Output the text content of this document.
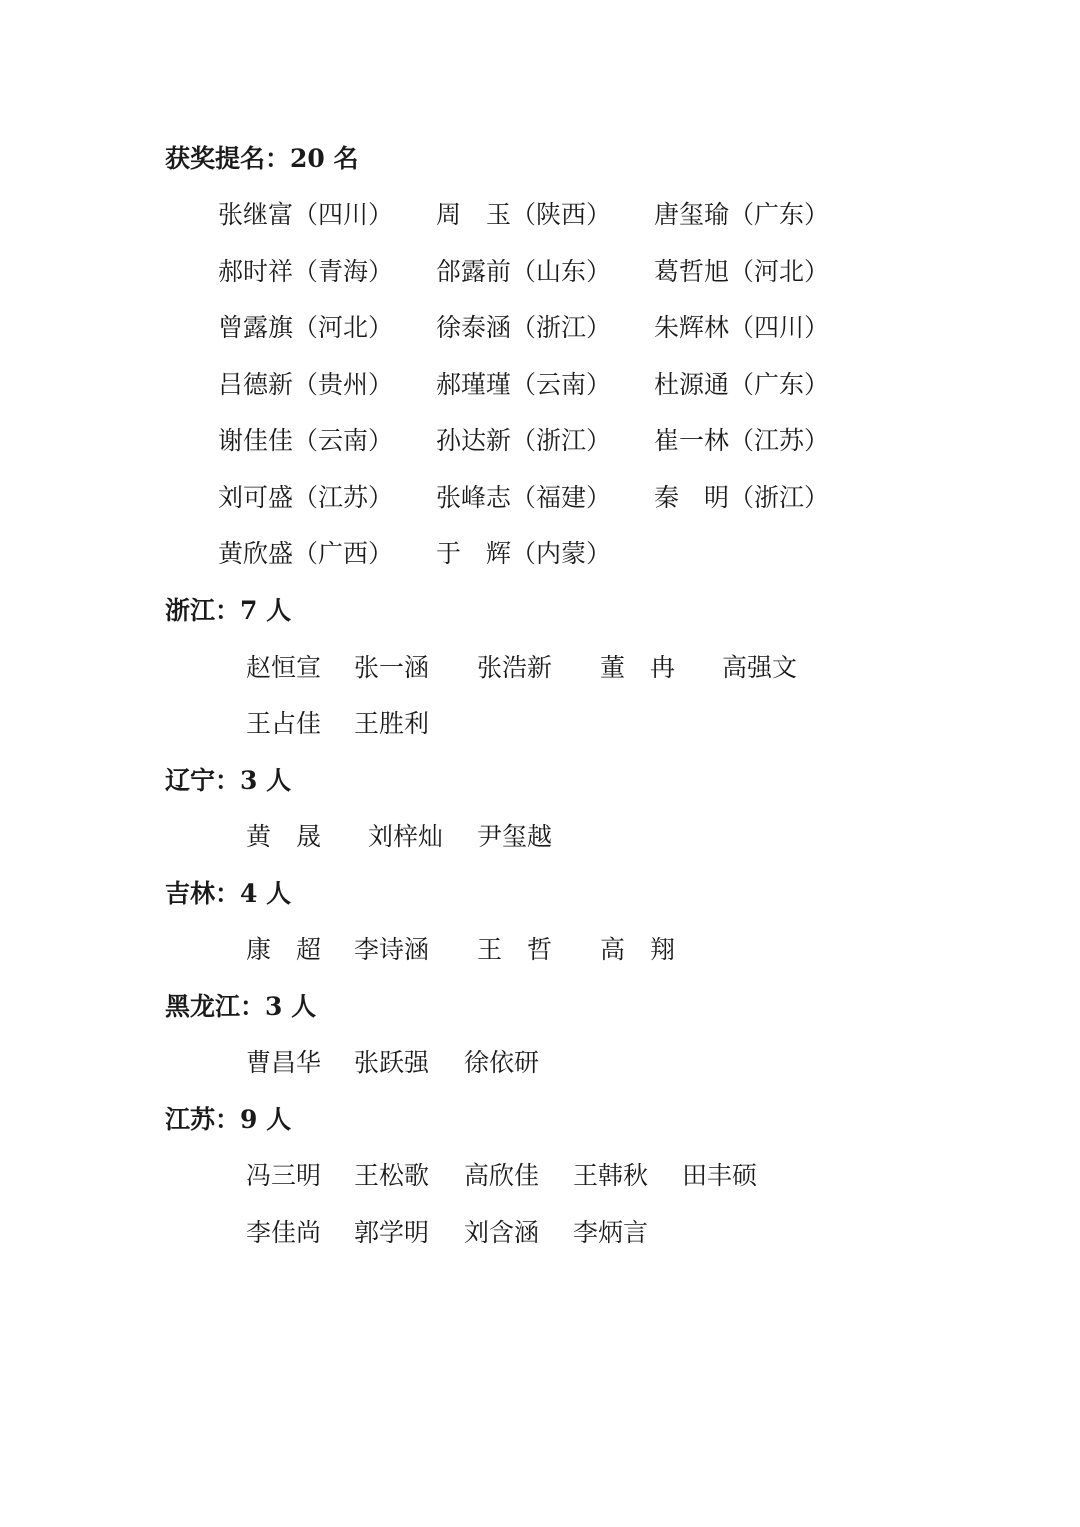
获奖提名：20 名
张继富（四川） 周　玉（陕西） 唐玺瑜（广东）
郝时祥（青海） 郃露前（山东） 葛哲旭（河北）
曾露旗（河北） 徐泰涵（浙江） 朱辉林（四川）
吕德新（贵州） 郝瑾瑾（云南） 杜源通（广东）
谢佳佳（云南） 孙达新（浙江） 崔一林（江苏）
刘可盛（江苏） 张峰志（福建） 秦　明（浙江）
黄欣盛（广西） 于　辉（内蒙）
浙江：7 人
赵恒宣 张一涵 张浩新 董　冉 高强文
王占佳 王胜利
辽宁：3 人
黄　晟 刘梓灿 尹玺越
吉林：4 人
康　超 李诗涵 王　哲 高　翔
黑龙江：3 人
曹昌华 张跃强 徐依研
江苏：9 人
冯三明 王松歌 高欣佳 王韩秋 田丰硕
李佳尚 郭学明 刘含涵 李炳言
